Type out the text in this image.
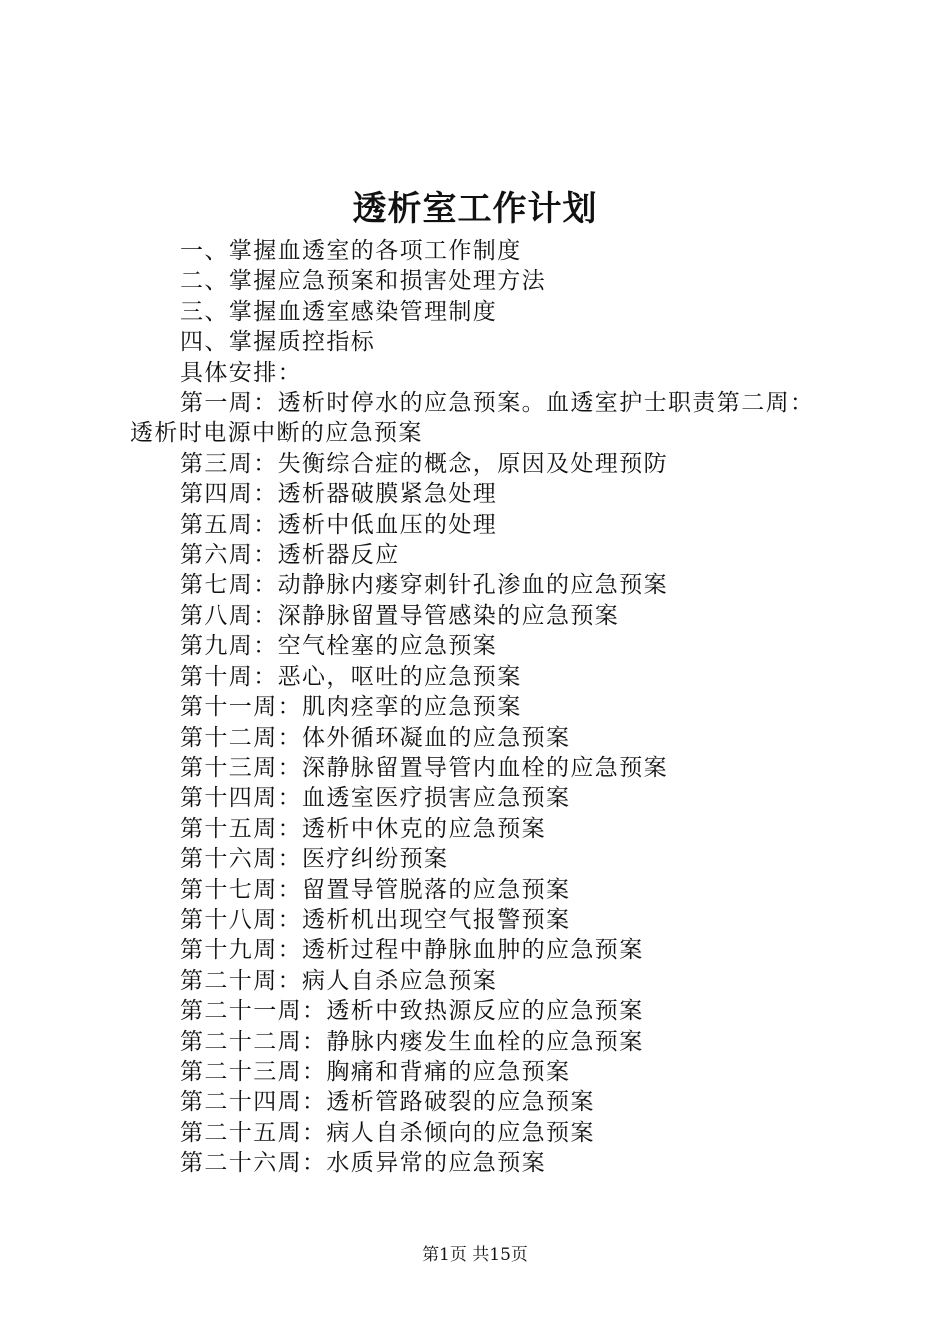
透析室工作计划
一、掌握血透室的各项工作制度
二、掌握应急预案和损害处理方法
三、掌握血透室感染管理制度
四、掌握质控指标
具体安排：
第一周：透析时停水的应急预案。血透室护士职责第二周：
透析时电源中断的应急预案
第三周：失衡综合症的概念，原因及处理预防
第四周：透析器破膜紧急处理
第五周：透析中低血压的处理
第六周：透析器反应
第七周：动静脉内瘘穿刺针孔渗血的应急预案
第八周：深静脉留置导管感染的应急预案
第九周：空气栓塞的应急预案
第十周：恶心，呕吐的应急预案
第十一周：肌肉痉挛的应急预案
第十二周：体外循环凝血的应急预案
第十三周：深静脉留置导管内血栓的应急预案
第十四周：血透室医疗损害应急预案
第十五周：透析中休克的应急预案
第十六周：医疗纠纷预案
第十七周：留置导管脱落的应急预案
第十八周：透析机出现空气报警预案
第十九周：透析过程中静脉血肿的应急预案
第二十周：病人自杀应急预案
第二十一周：透析中致热源反应的应急预案
第二十二周：静脉内瘘发生血栓的应急预案
第二十三周：胸痛和背痛的应急预案
第二十四周：透析管路破裂的应急预案
第二十五周：病人自杀倾向的应急预案
第二十六周：水质异常的应急预案
第1页 共15页
